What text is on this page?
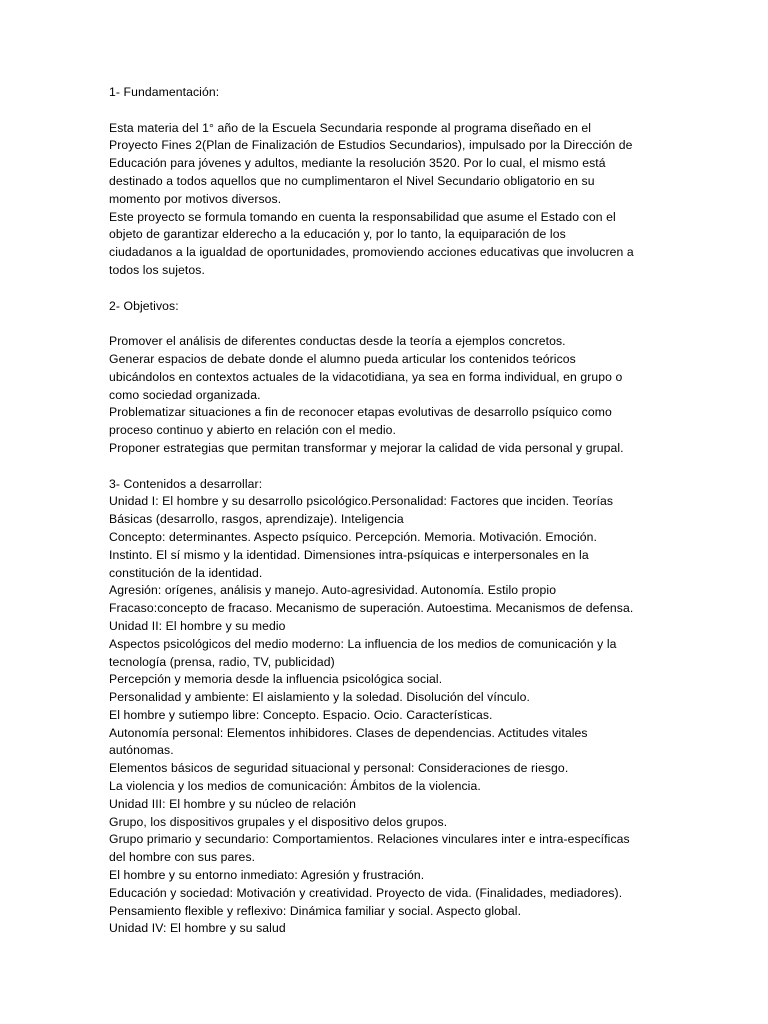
1- Fundamentación:
Esta materia del 1° año de la Escuela Secundaria responde al programa diseñado en el
Proyecto Fines 2(Plan de Finalización de Estudios Secundarios), impulsado por la Dirección de
Educación para jóvenes y adultos, mediante la resolución 3520. Por lo cual, el mismo está
destinado a todos aquellos que no cumplimentaron el Nivel Secundario obligatorio en su
momento por motivos diversos.
Este proyecto se formula tomando en cuenta la responsabilidad que asume el Estado con el
objeto de garantizar elderecho a la educación y, por lo tanto, la equiparación de los
ciudadanos a la igualdad de oportunidades, promoviendo acciones educativas que involucren a
todos los sujetos.
2- Objetivos:
Promover el análisis de diferentes conductas desde la teoría a ejemplos concretos.
Generar espacios de debate donde el alumno pueda articular los contenidos teóricos
ubicándolos en contextos actuales de la vidacotidiana, ya sea en forma individual, en grupo o
como sociedad organizada.
Problematizar situaciones a fin de reconocer etapas evolutivas de desarrollo psíquico como
proceso continuo y abierto en relación con el medio.
Proponer estrategias que permitan transformar y mejorar la calidad de vida personal y grupal.
3- Contenidos a desarrollar:
Unidad I: El hombre y su desarrollo psicológico.Personalidad: Factores que inciden. Teorías
Básicas (desarrollo, rasgos, aprendizaje). Inteligencia
Concepto: determinantes. Aspecto psíquico. Percepción. Memoria. Motivación. Emoción.
Instinto. El sí mismo y la identidad. Dimensiones intra-psíquicas e interpersonales en la
constitución de la identidad.
Agresión: orígenes, análisis y manejo. Auto-agresividad. Autonomía. Estilo propio
Fracaso:concepto de fracaso. Mecanismo de superación. Autoestima. Mecanismos de defensa.
Unidad II: El hombre y su medio
Aspectos psicológicos del medio moderno: La influencia de los medios de comunicación y la
tecnología (prensa, radio, TV, publicidad)
Percepción y memoria desde la influencia psicológica social.
Personalidad y ambiente: El aislamiento y la soledad. Disolución del vínculo.
El hombre y sutiempo libre: Concepto. Espacio. Ocio. Características.
Autonomía personal: Elementos inhibidores. Clases de dependencias. Actitudes vitales
autónomas.
Elementos básicos de seguridad situacional y personal: Consideraciones de riesgo.
La violencia y los medios de comunicación: Ámbitos de la violencia.
Unidad III: El hombre y su núcleo de relación
Grupo, los dispositivos grupales y el dispositivo delos grupos.
Grupo primario y secundario: Comportamientos. Relaciones vinculares inter e intra-específicas
del hombre con sus pares.
El hombre y su entorno inmediato: Agresión y frustración.
Educación y sociedad: Motivación y creatividad. Proyecto de vida. (Finalidades, mediadores).
Pensamiento flexible y reflexivo: Dinámica familiar y social. Aspecto global.
Unidad IV: El hombre y su salud
